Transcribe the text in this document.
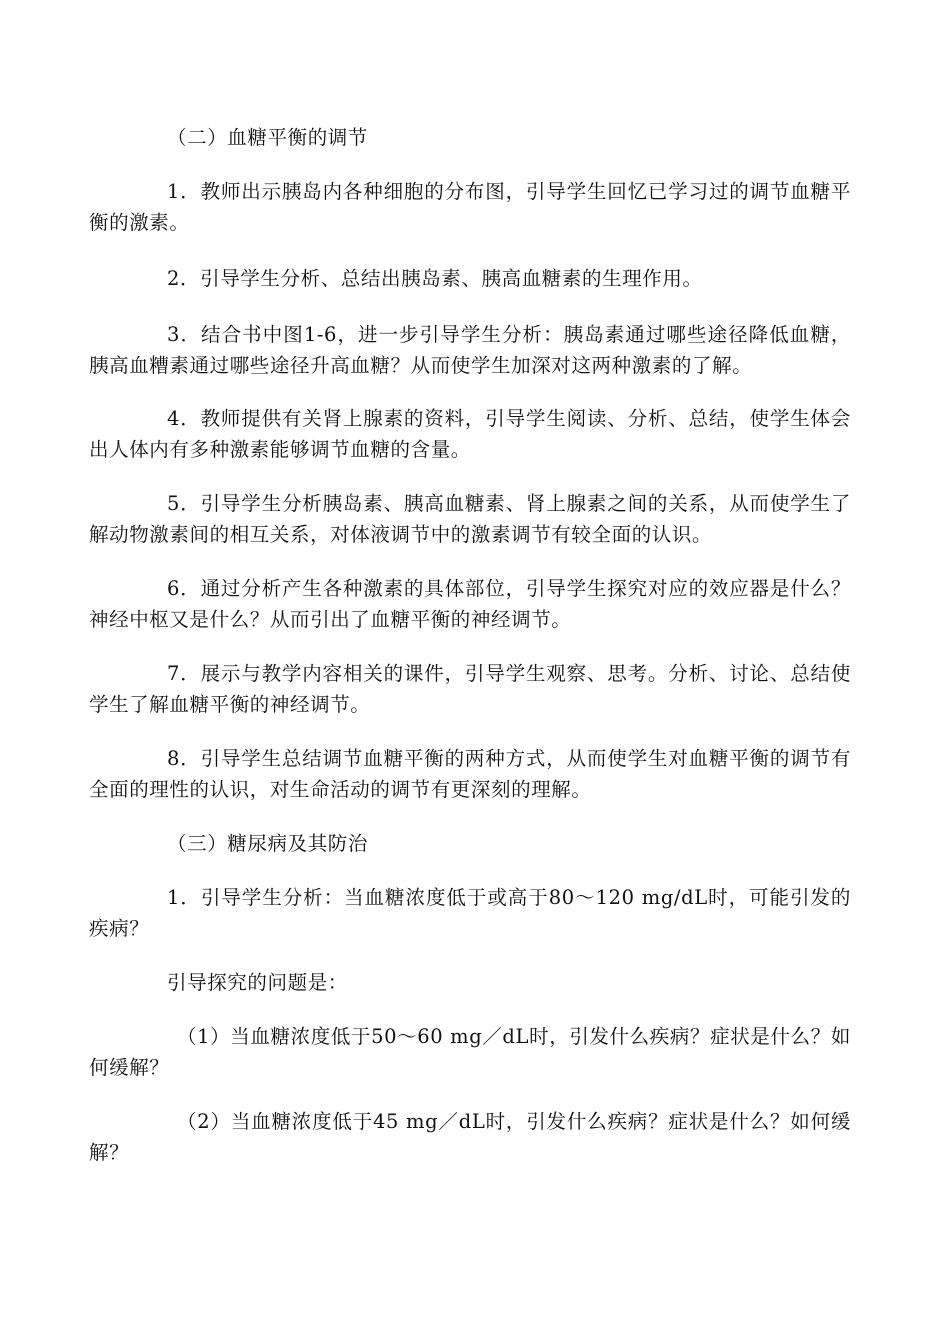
（二）血糖平衡的调节

1．教师出示胰岛内各种细胞的分布图，引导学生回忆已学习过的调节血糖平衡的激素。

2．引导学生分析、总结出胰岛素、胰高血糖素的生理作用。

3．结合书中图1-6，进一步引导学生分析：胰岛素通过哪些途径降低血糖，胰高血糟素通过哪些途径升高血糖？从而使学生加深对这两种激素的了解。

4．教师提供有关肾上腺素的资料，引导学生阅读、分析、总结，使学生体会出人体内有多种激素能够调节血糖的含量。

5．引导学生分析胰岛素、胰高血糖素、肾上腺素之间的关系，从而使学生了解动物激素间的相互关系，对体液调节中的激素调节有较全面的认识。

6．通过分析产生各种激素的具体部位，引导学生探究对应的效应器是什么？神经中枢又是什么？从而引出了血糖平衡的神经调节。

7．展示与教学内容相关的课件，引导学生观察、思考。分析、讨论、总结使学生了解血糖平衡的神经调节。

8．引导学生总结调节血糖平衡的两种方式，从而使学生对血糖平衡的调节有全面的理性的认识，对生命活动的调节有更深刻的理解。

（三）糖尿病及其防治

1．引导学生分析：当血糖浓度低于或高于80～120 mg/dL时，可能引发的疾病？

引导探究的问题是：

（1）当血糖浓度低于50～60 mg／dL时，引发什么疾病？症状是什么？如何缓解？

（2）当血糖浓度低于45 mg／dL时，引发什么疾病？症状是什么？如何缓解？
